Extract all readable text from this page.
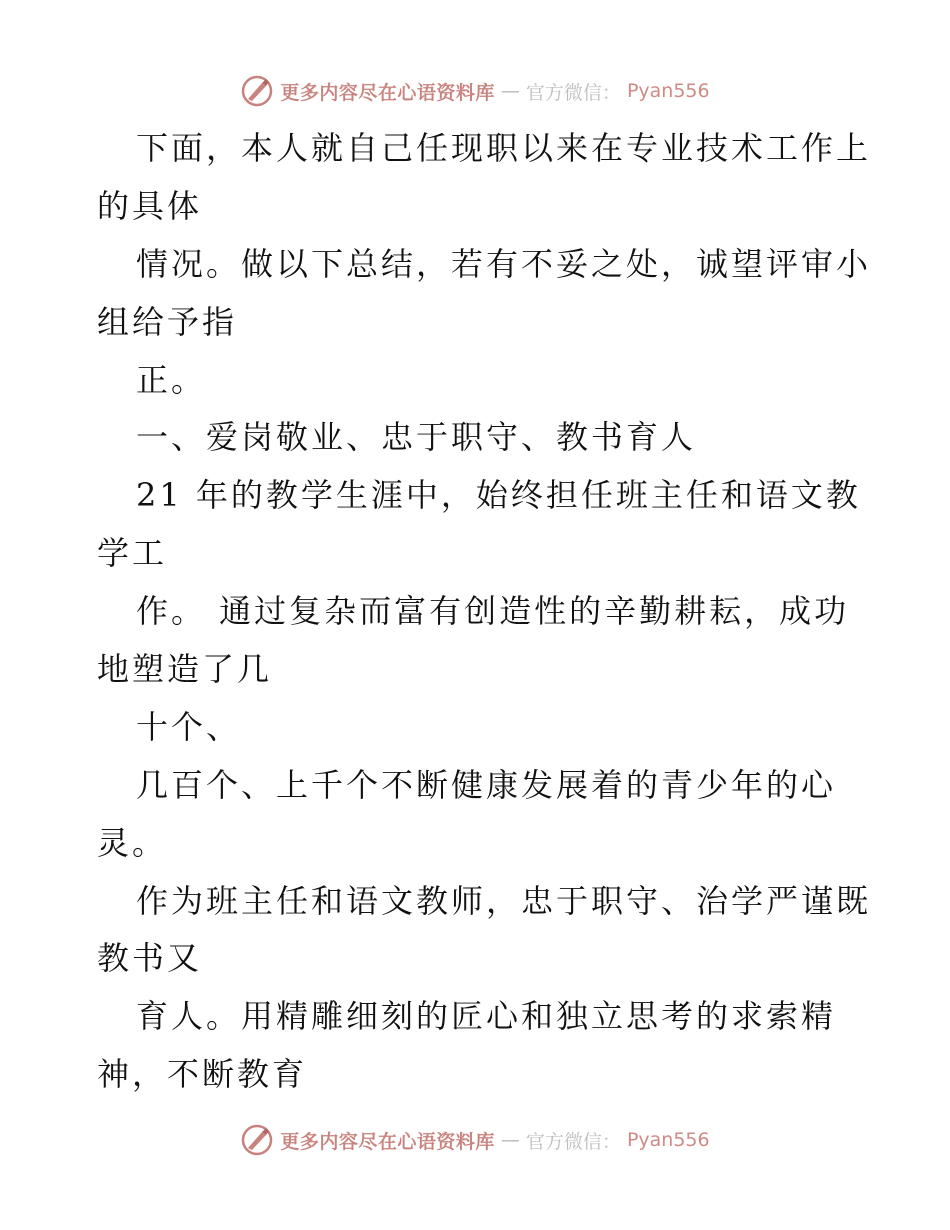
更多内容尽在心语资料库 — 官方微信： Pyan556
下面，本人就自己任现职以来在专业技术工作上
的具体
情况。做以下总结，若有不妥之处，诚望评审小
组给予指
正。
一、爱岗敬业、忠于职守、教书育人
21 年的教学生涯中，始终担任班主任和语文教
学工
作。 通过复杂而富有创造性的辛勤耕耘，成功
地塑造了几
十个、
几百个、上千个不断健康发展着的青少年的心
灵。
作为班主任和语文教师，忠于职守、治学严谨既
教书又
育人。用精雕细刻的匠心和独立思考的求索精
神，不断教育
更多内容尽在心语资料库 — 官方微信： Pyan556
